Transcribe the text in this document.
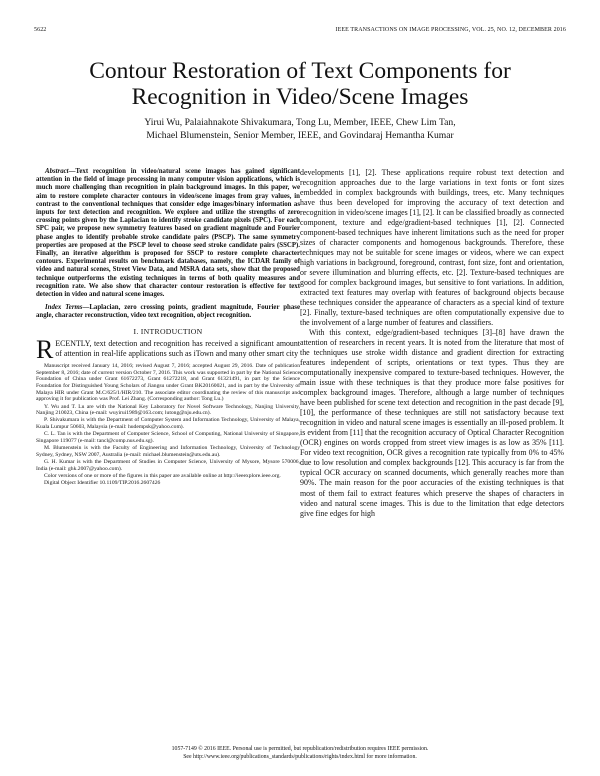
5622	IEEE TRANSACTIONS ON IMAGE PROCESSING, VOL. 25, NO. 12, DECEMBER 2016
Contour Restoration of Text Components for Recognition in Video/Scene Images
Yirui Wu, Palaiahnakote Shivakumara, Tong Lu, Member, IEEE, Chew Lim Tan,
Michael Blumenstein, Senior Member, IEEE, and Govindaraj Hemantha Kumar

Abstract—Text recognition in video/natural scene images has gained significant attention in the field of image processing in many computer vision applications, which is much more challenging than recognition in plain background images. In this paper, we aim to restore complete character contours in video/scene images from gray values, in contrast to the conventional techniques that consider edge images/binary information as inputs for text detection and recognition. We explore and utilize the strengths of zero crossing points given by the Laplacian to identify stroke candidate pixels (SPC). For each SPC pair, we propose new symmetry features based on gradient magnitude and Fourier phase angles to identify probable stroke candidate pairs (PSCP). The same symmetry properties are proposed at the PSCP level to choose seed stroke candidate pairs (SSCP). Finally, an iterative algorithm is proposed for SSCP to restore complete character contours. Experimental results on benchmark databases, namely, the ICDAR family of video and natural scenes, Street View Data, and MSRA data sets, show that the proposed technique outperforms the existing techniques in terms of both quality measures and recognition rate. We also show that character contour restoration is effective for text detection in video and natural scene images.

Index Terms—Laplacian, zero crossing points, gradient magnitude, Fourier phase angle, character reconstruction, video text recognition, object recognition.

I. INTRODUCTION

RECENTLY, text detection and recognition has received a significant amount of attention in real-life applications such as iTown and many other smart city

Manuscript received January 14, 2016; revised August 7, 2016; accepted August 29, 2016. Date of publication September 8, 2016; date of current version October 7, 2016. This work was supported in part by the National Science Foundation of China under Grant 61672273, Grant 61272218, and Grant 61321491, in part by the Science Foundation for Distinguished Young Scholars of Jiangsu under Grant BK20160021, and in part by the University of Malaya HIR under Grant M.C/625/1/HIR/210. The associate editor coordinating the review of this manuscript and approving it for publication was Prof. Lei Zhang. (Corresponding author: Tong Lu.)

Y. Wu and T. Lu are with the National Key Laboratory for Novel Software Technology, Nanjing University, Nanjing 210023, China (e-mail: wuyirui1989@163.com; lutong@nju.edu.cn).

P. Shivakumara is with the Department of Computer System and Information Technology, University of Malaya, Kuala Lumpur 50603, Malaysia (e-mail: hudempsk@yahoo.com).

C. L. Tan is with the Department of Computer Science, School of Computing, National University of Singapore, Singapore 119077 (e-mail: tancl@comp.nus.edu.sg).

M. Blumenstein is with the Faculty of Engineering and Information Technology, University of Technology Sydney, Sydney, NSW 2007, Australia (e-mail: michael.blumenstein@uts.edu.au).

G. H. Kumar is with the Department of Studies in Computer Science, University of Mysore, Mysore 570006, India (e-mail: ghk.2007@yahoo.com).

Color versions of one or more of the figures in this paper are available online at http://ieeexplore.ieee.org.

Digital Object Identifier 10.1109/TIP.2016.2607426

developments [1], [2]. These applications require robust text detection and recognition approaches due to the large variations in text fonts or font sizes embedded in complex backgrounds with buildings, trees, etc. Many techniques have thus been developed for improving the accuracy of text detection and recognition in video/scene images [1], [2]. It can be classified broadly as connected component, texture and edge/gradient-based techniques [1], [2]. Connected component-based techniques have inherent limitations such as the need for proper sizes of character components and homogenous backgrounds. Therefore, these techniques may not be suitable for scene images or videos, where we can expect high variations in background, foreground, contrast, font size, font and orientation, or severe illumination and blurring effects, etc. [2]. Texture-based techniques are good for complex background images, but sensitive to font variations. In addition, extracted text features may overlap with features of background objects because these techniques consider the appearance of characters as a special kind of texture [2]. Finally, texture-based techniques are often computationally expensive due to the involvement of a large number of features and classifiers.

With this context, edge/gradient-based techniques [3]–[8] have drawn the attention of researchers in recent years. It is noted from the literature that most of the techniques use stroke width distance and gradient direction for extracting features independent of scripts, orientations or text types. Thus they are computationally inexpensive compared to texture-based techniques. However, the main issue with these techniques is that they produce more false positives for complex background images. Therefore, although a large number of techniques have been published for scene text detection and recognition in the past decade [9], [10], the performance of these techniques are still not satisfactory because text recognition in video and natural scene images is essentially an ill-posed problem. It is evident from [11] that the recognition accuracy of Optical Character Recognition (OCR) engines on words cropped from street view images is as low as 35% [11]. For video text recognition, OCR gives a recognition rate typically from 0% to 45% due to low resolution and complex backgrounds [12]. This accuracy is far from the typical OCR accuracy on scanned documents, which generally reaches more than 90%. The main reason for the poor accuracies of the existing techniques is that most of them fail to extract features which preserve the shapes of characters in video and natural scene images. This is due to the limitation that edge detectors give fine edges for high

1057-7149 © 2016 IEEE. Personal use is permitted, but republication/redistribution requires IEEE permission.
See http://www.ieee.org/publications_standards/publications/rights/index.html for more information.
